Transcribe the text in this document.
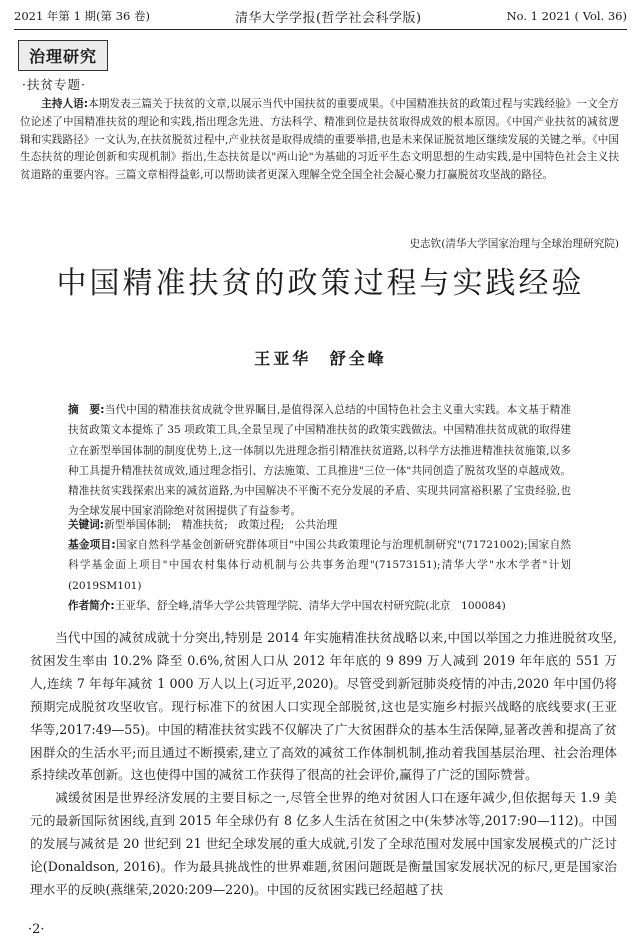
2021 年第 1 期(第 36 卷)	清华大学学报(哲学社会科学版)	No. 1 2021 ( Vol. 36)
治理研究
·扶贫专题·
主持人语:本期发表三篇关于扶贫的文章,以展示当代中国扶贫的重要成果。《中国精准扶贫的政策过程与实践经验》一文全方位论述了中国精准扶贫的理论和实践,指出理念先进、方法科学、精准到位是扶贫取得成效的根本原因。《中国产业扶贫的减贫逻辑和实践路径》一文认为,在扶贫脱贫过程中,产业扶贫是取得成绩的重要举措,也是未来保证脱贫地区继续发展的关键之举。《中国生态扶贫的理论创新和实现机制》指出,生态扶贫是以"两山论"为基础的习近平生态文明思想的生动实践,是中国特色社会主义扶贫道路的重要内容。三篇文章相得益彰,可以帮助读者更深入理解全党全国全社会凝心聚力打赢脱贫攻坚战的路径。
史志钦(清华大学国家治理与全球治理研究院)
中国精准扶贫的政策过程与实践经验
王亚华 舒全峰
摘　要:当代中国的精准扶贫成就令世界瞩目,是值得深入总结的中国特色社会主义重大实践。本文基于精准扶贫政策文本提炼了 35 项政策工具,全景呈现了中国精准扶贫的政策实践做法。中国精准扶贫成就的取得建立在新型举国体制的制度优势上,这一体制以先进理念指引精准扶贫道路,以科学方法推进精准扶贫施策,以多种工具提升精准扶贫成效,通过理念指引、方法施策、工具推进"三位一体"共同创造了脱贫攻坚的卓越成效。精准扶贫实践探索出来的减贫道路,为中国解决不平衡不充分发展的矛盾、实现共同富裕积累了宝贵经验,也为全球发展中国家消除绝对贫困提供了有益参考。
关键词:新型举国体制;　精准扶贫;　政策过程;　公共治理
基金项目:国家自然科学基金创新研究群体项目"中国公共政策理论与治理机制研究"(71721002);国家自然科学基金面上项目"中国农村集体行动机制与公共事务治理"(71573151);清华大学"水木学者"计划(2019SM101)
作者简介:王亚华、舒全峰,清华大学公共管理学院、清华大学中国农村研究院(北京　100084)

当代中国的减贫成就十分突出,特别是 2014 年实施精准扶贫战略以来,中国以举国之力推进脱贫攻坚,贫困发生率由 10.2% 降至 0.6%,贫困人口从 2012 年年底的 9 899 万人减到 2019 年年底的 551 万人,连续 7 年每年减贫 1 000 万人以上(习近平,2020)。尽管受到新冠肺炎疫情的冲击,2020 年中国仍将预期完成脱贫攻坚收官。现行标准下的贫困人口实现全部脱贫,这也是实施乡村振兴战略的底线要求(王亚华等,2017:49—55)。中国的精准扶贫实践不仅解决了广大贫困群众的基本生活保障,显著改善和提高了贫困群众的生活水平;而且通过不断摸索,建立了高效的减贫工作体制机制,推动着我国基层治理、社会治理体系持续改革创新。这也使得中国的减贫工作获得了很高的社会评价,赢得了广泛的国际赞誉。

减缓贫困是世界经济发展的主要目标之一,尽管全世界的绝对贫困人口在逐年减少,但依据每天 1.9 美元的最新国际贫困线,直到 2015 年全球仍有 8 亿多人生活在贫困之中(朱梦冰等,2017:90—112)。中国的发展与减贫是 20 世纪到 21 世纪全球发展的重大成就,引发了全球范围对发展中国家发展模式的广泛讨论(Donaldson, 2016)。作为最具挑战性的世界难题,贫困问题既是衡量国家发展状况的标尺,更是国家治理水平的反映(燕继荣,2020:209—220)。中国的反贫困实践已经超越了扶

·2·
